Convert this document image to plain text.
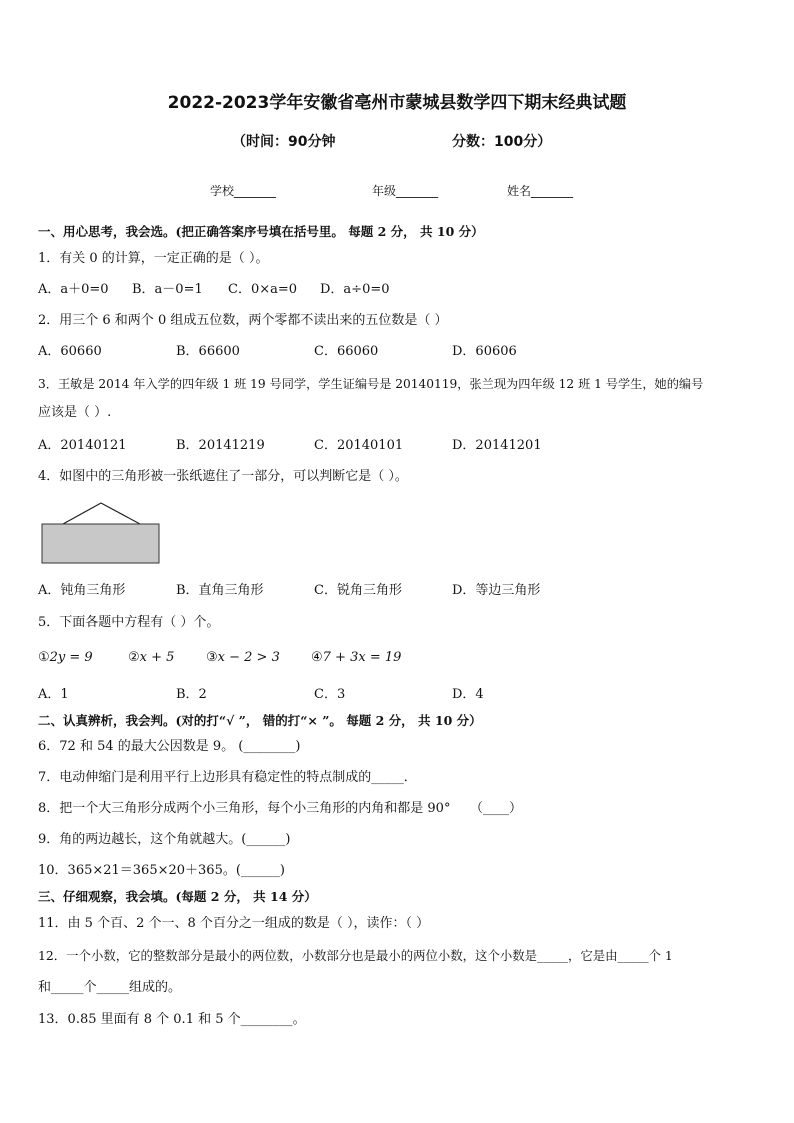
2022-2023学年安徽省亳州市蒙城县数学四下期末经典试题
（时间：90分钟	分数：100分）
学校_______	年级_______	姓名_______
一、用心思考，我会选。(把正确答案序号填在括号里。 每题 2 分， 共 10 分）
1．有关 0 的计算，一定正确的是（ ）。
A．a＋0=0 B．a－0=1 C．0×a=0 D．a÷0=0
2．用三个 6 和两个 0 组成五位数，两个零都不读出来的五位数是（ ）
A．60660	B．66600	C．66060	D．60606
3．王敏是 2014 年入学的四年级 1 班 19 号同学，学生证编号是 20140119，张兰现为四年级 12 班 1 号学生，她的编号
应该是（ ）.
A．20140121	B．20141219	C．20140101	D．20141201
4．如图中的三角形被一张纸遮住了一部分，可以判断它是（ ）。
A．钝角三角形	B．直角三角形	C．锐角三角形	D．等边三角形
5．下面各题中方程有（ ）个。
①2y = 9	②x + 5 ③x − 2 > 3 ④7 + 3x = 19
A．1	B．2	C．3	D．4
二、认真辨析，我会判。(对的打“√ ”， 错的打“× ”。 每题 2 分， 共 10 分）
6．72 和 54 的最大公因数是 9。 (________)
7．电动伸缩门是利用平行上边形具有稳定性的特点制成的_____．
8．把一个大三角形分成两个小三角形，每个小三角形的内角和都是 90°　　（____）
9．角的两边越长，这个角就越大。(______)
10．365×21＝365×20＋365。(______)
三、仔细观察，我会填。(每题 2 分， 共 14 分）
11．由 5 个百、2 个一、8 个百分之一组成的数是（ ），读作：（ ）
12．一个小数，它的整数部分是最小的两位数，小数部分也是最小的两位小数，这个小数是_____，它是由_____个 1
和_____个_____组成的。
13．0.85 里面有 8 个 0.1 和 5 个________。
